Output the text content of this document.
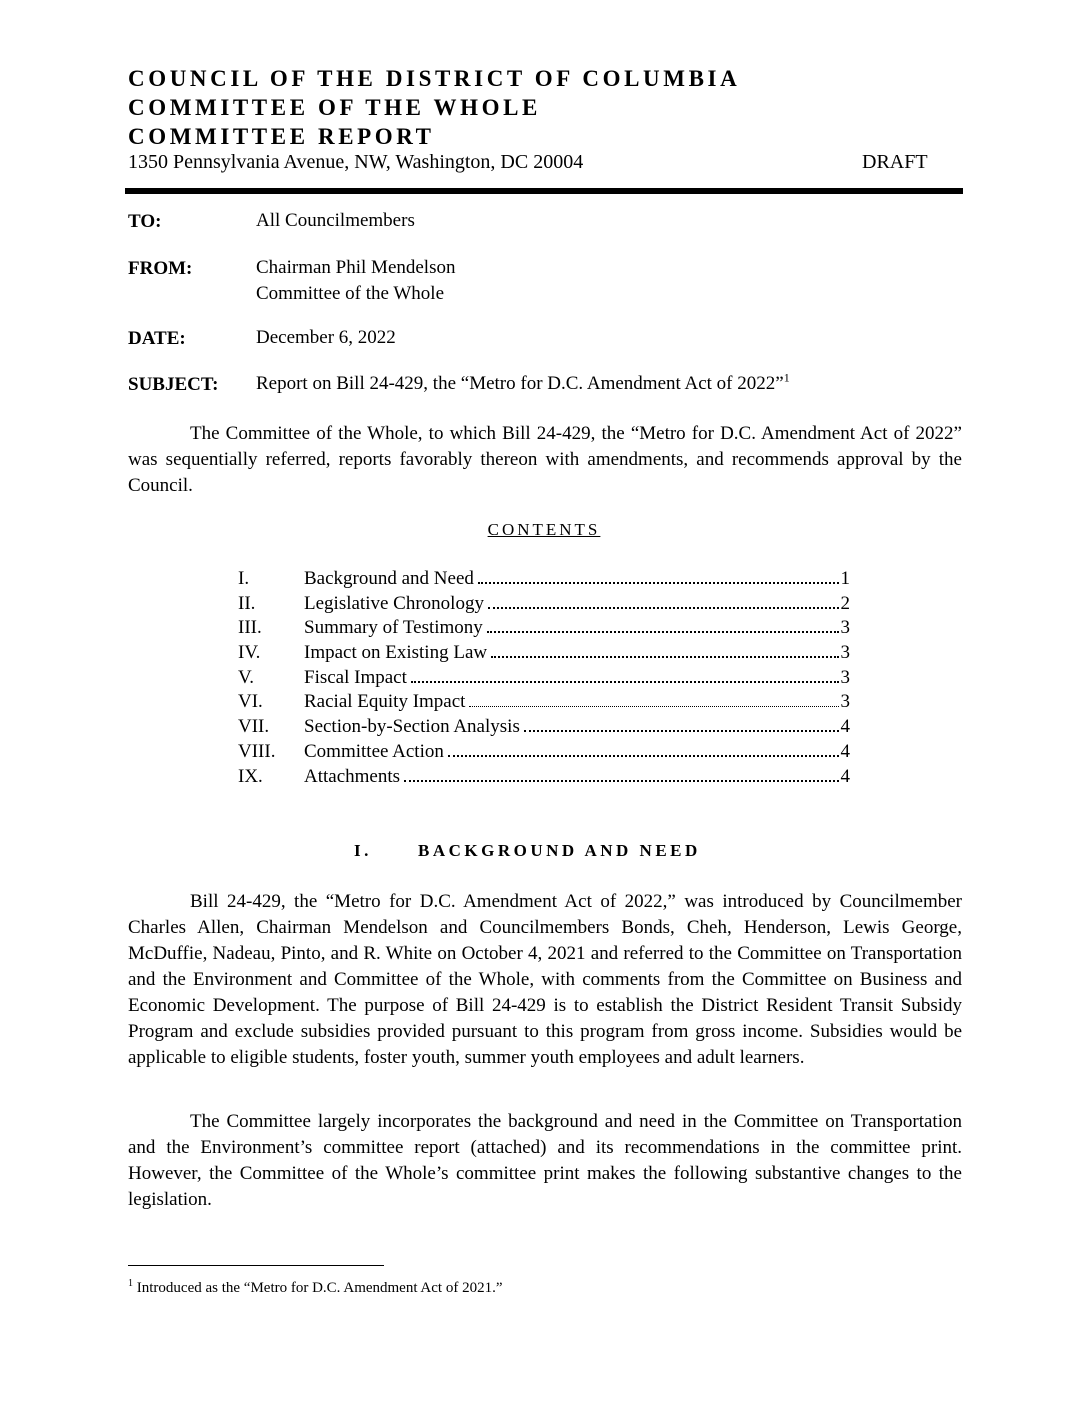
COUNCIL OF THE DISTRICT OF COLUMBIA
COMMITTEE OF THE WHOLE
COMMITTEE REPORT
1350 Pennsylvania Avenue, NW, Washington, DC 20004	DRAFT
TO:	All Councilmembers
FROM:	Chairman Phil Mendelson
Committee of the Whole
DATE:	December 6, 2022
SUBJECT: Report on Bill 24-429, the “Metro for D.C. Amendment Act of 2022”$^1$

The Committee of the Whole, to which Bill 24-429, the “Metro for D.C. Amendment Act of 2022” was sequentially referred, reports favorably thereon with amendments, and recommends approval by the Council.

CONTENTS
I.	Background and Need	1
II.	Legislative Chronology	2
III. Summary of Testimony	3
IV. Impact on Existing Law	3
V.	Fiscal Impact	3
VI. Racial Equity Impact	3
VII. Section-by-Section Analysis	4
VIII. Committee Action	4
IX. Attachments	4
I.	BACKGROUND AND NEED

Bill 24-429, the “Metro for D.C. Amendment Act of 2022,” was introduced by Councilmember Charles Allen, Chairman Mendelson and Councilmembers Bonds, Cheh, Henderson, Lewis George, McDuffie, Nadeau, Pinto, and R. White on October 4, 2021 and referred to the Committee on Transportation and the Environment and Committee of the Whole, with comments from the Committee on Business and Economic Development. The purpose of Bill 24-429 is to establish the District Resident Transit Subsidy Program and exclude subsidies provided pursuant to this program from gross income. Subsidies would be applicable to eligible students, foster youth, summer youth employees and adult learners.

The Committee largely incorporates the background and need in the Committee on Transportation and the Environment’s committee report (attached) and its recommendations in the committee print. However, the Committee of the Whole’s committee print makes the following substantive changes to the legislation.

$^1$ Introduced as the “Metro for D.C. Amendment Act of 2021.”
